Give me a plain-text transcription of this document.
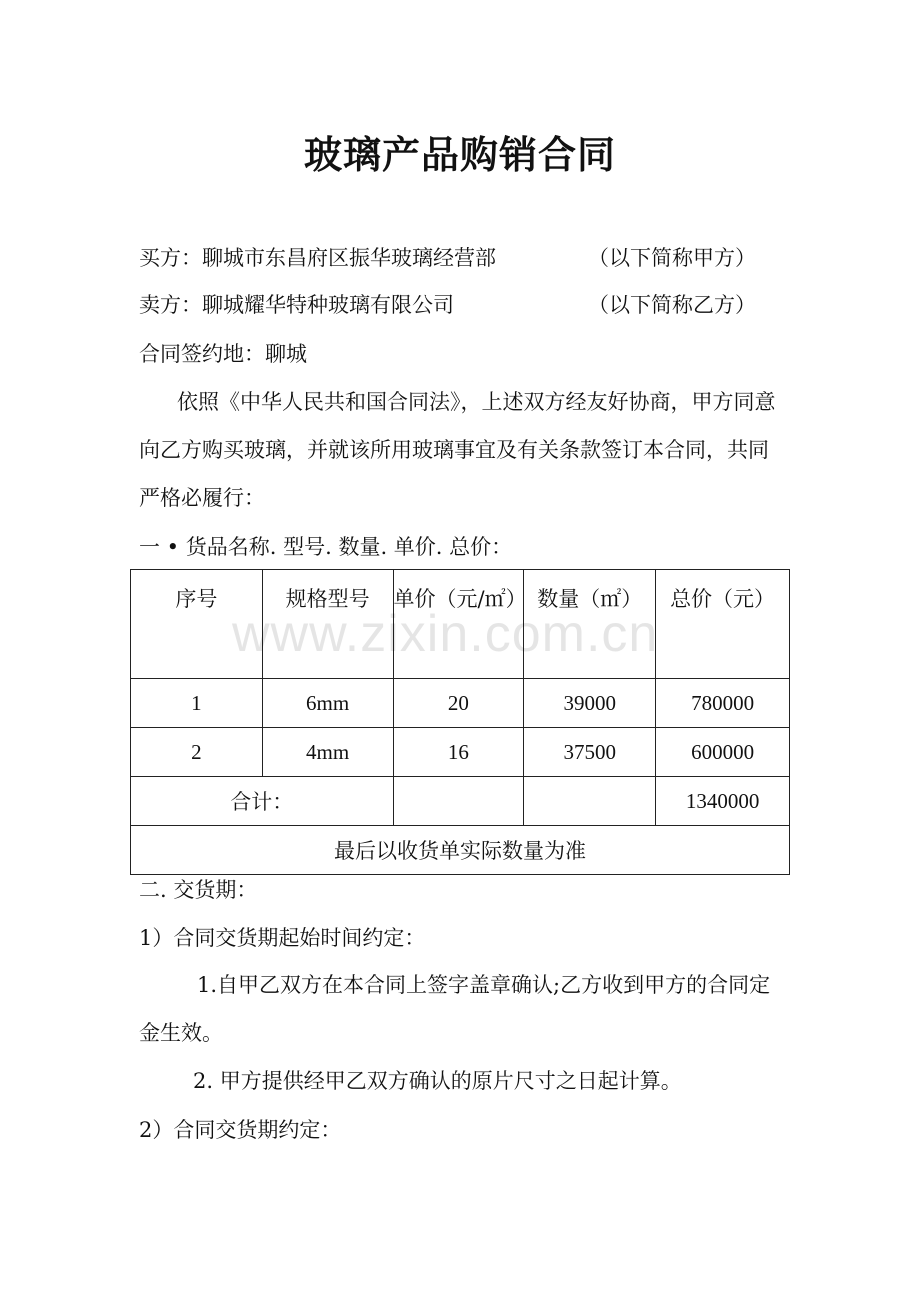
玻璃产品购销合同
买方：聊城市东昌府区振华玻璃经营部	（以下简称甲方）
卖方：聊城耀华特种玻璃有限公司	（以下简称乙方）
合同签约地：聊城
依照《中华人民共和国合同法》，上述双方经友好协商，甲方同意向乙方购买玻璃，并就该所用玻璃事宜及有关条款签订本合同，共同严格必履行：
一 • 货品名称. 型号. 数量. 单价. 总价：
序号	规格型号	单价（元/㎡）	数量（㎡）	总价（元）
1	6mm	20	39000	780000
2	4mm	16	37500	600000
合计：				1340000
最后以收货单实际数量为准				
www.zixin.com.cn
二. 交货期：
1）合同交货期起始时间约定：
1.自甲乙双方在本合同上签字盖章确认;乙方收到甲方的合同定金生效。
2. 甲方提供经甲乙双方确认的原片尺寸之日起计算。
2）合同交货期约定：
